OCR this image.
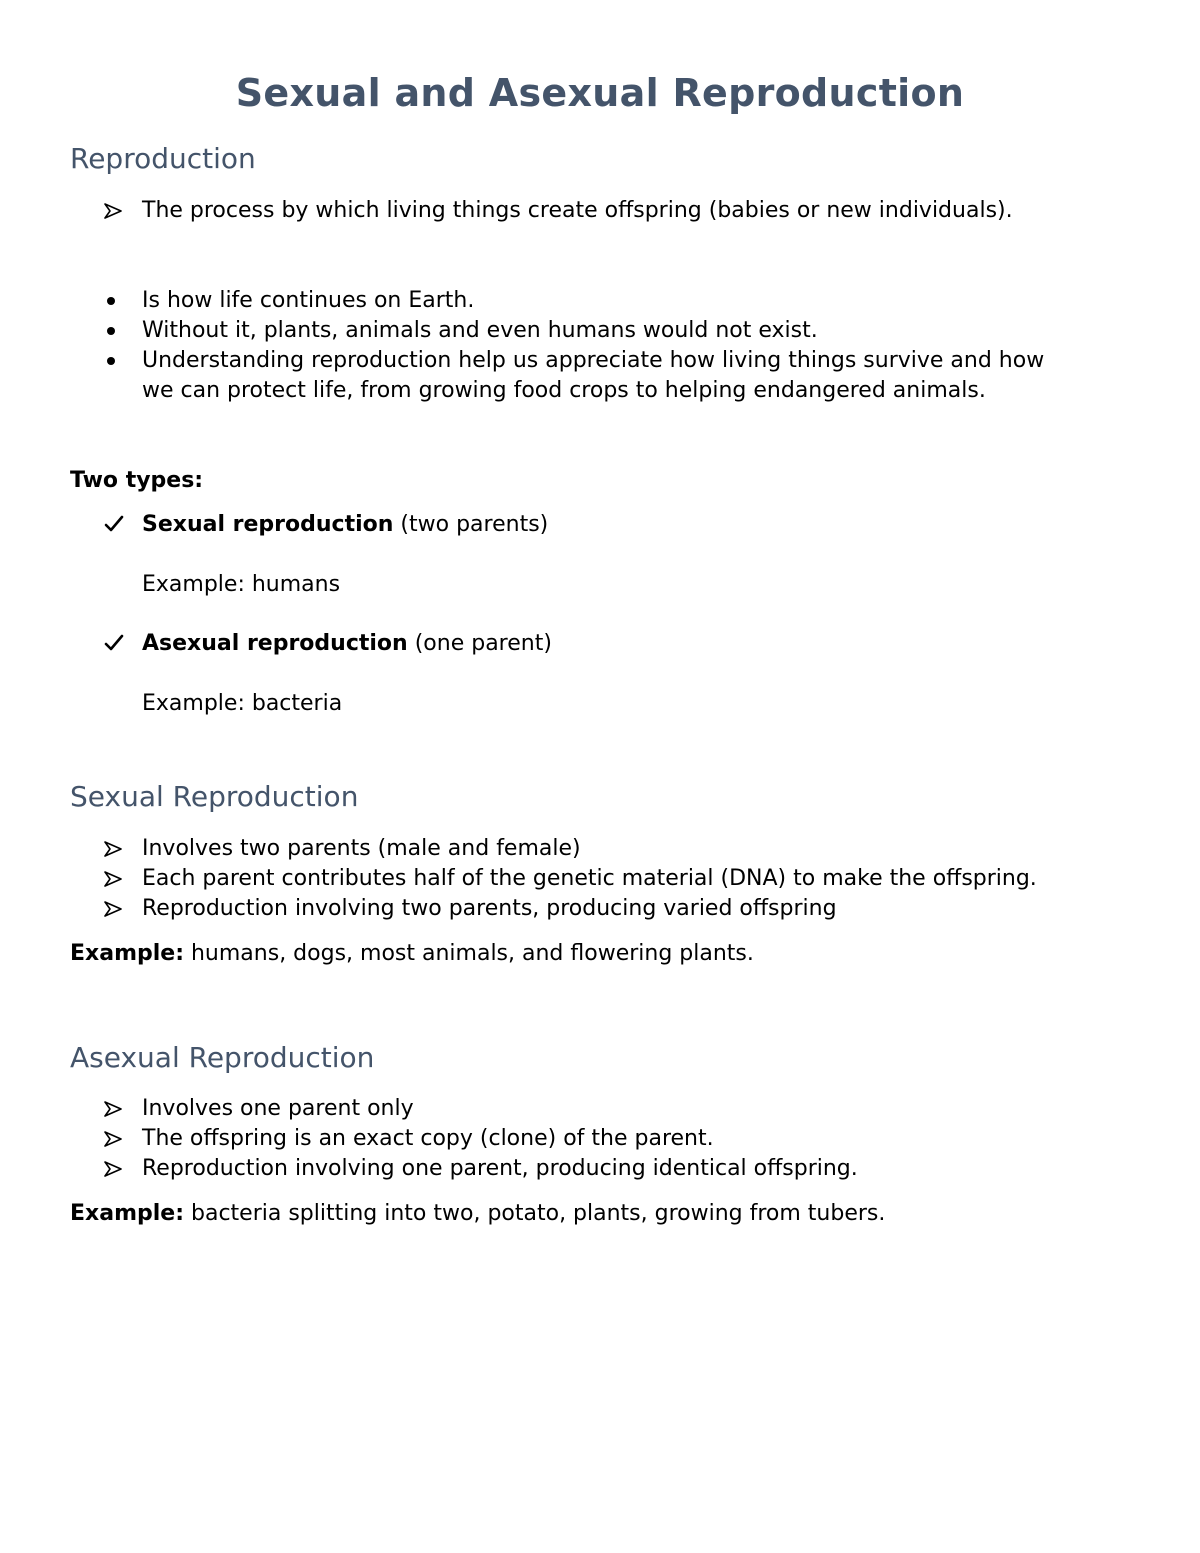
Sexual and Asexual Reproduction
Reproduction
The process by which living things create offspring (babies or new individuals).
Is how life continues on Earth.
Without it, plants, animals and even humans would not exist.
Understanding reproduction help us appreciate how living things survive and how
we can protect life, from growing food crops to helping endangered animals.
Two types:
Sexual reproduction (two parents)
Example: humans
Asexual reproduction (one parent)
Example: bacteria
Sexual Reproduction
Involves two parents (male and female)
Each parent contributes half of the genetic material (DNA) to make the offspring.
Reproduction involving two parents, producing varied offspring
Example: humans, dogs, most animals, and flowering plants.
Asexual Reproduction
Involves one parent only
The offspring is an exact copy (clone) of the parent.
Reproduction involving one parent, producing identical offspring.
Example: bacteria splitting into two, potato, plants, growing from tubers.
